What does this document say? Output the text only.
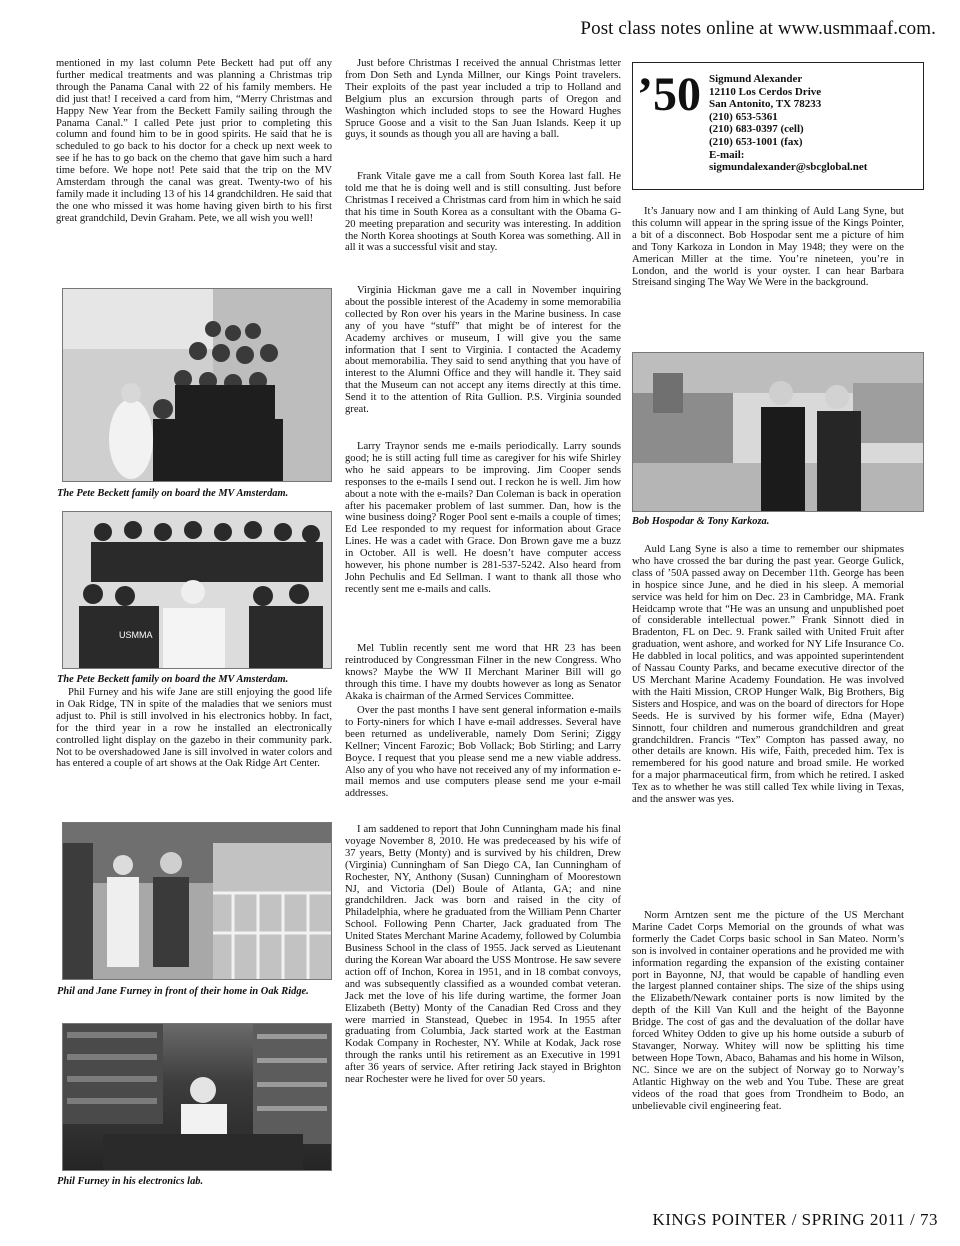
Post class notes online at www.usmmaaf.com.

mentioned in my last column Pete Beckett had put off any further medical treatments and was planning a Christmas trip through the Panama Canal with 22 of his family members. He did just that! I received a card from him, “Merry Christmas and Happy New Year from the Beckett Family sailing through the Panama Canal.” I called Pete just prior to completing this column and found him to be in good spirits. He said that he is scheduled to go back to his doctor for a check up next week to see if he has to go back on the chemo that gave him such a hard time before. We hope not! Pete said that the trip on the MV Amsterdam through the canal was great. Twenty-two of his family made it including 13 of his 14 grandchildren. He said that the one who missed it was home having given birth to his first great grandchild, Devin Graham. Pete, we all wish you well!

Phil Furney and his wife Jane are still enjoying the good life in Oak Ridge, TN in spite of the maladies that we seniors must adjust to. Phil is still involved in his electronics hobby. In fact, for the third year in a row he installed an electronically controlled light display on the gazebo in their community park. Not to be overshadowed Jane is sill involved in water colors and has entered a couple of art shows at the Oak Ridge Art Center.

The Pete Beckett family on board the MV Amsterdam.
USMMA
The Pete Beckett family on board the MV Amsterdam.
Phil and Jane Furney in front of their home in Oak Ridge.
Phil Furney in his electronics lab.

Just before Christmas I received the annual Christmas letter from Don Seth and Lynda Millner, our Kings Point travelers. Their exploits of the past year included a trip to Holland and Belgium plus an excursion through parts of Oregon and Washington which included stops to see the Howard Hughes Spruce Goose and a visit to the San Juan Islands. Keep it up guys, it sounds as though you all are having a ball.

Frank Vitale gave me a call from South Korea last fall. He told me that he is doing well and is still consulting. Just before Christmas I received a Christmas card from him in which he said that his time in South Korea as a consultant with the Obama G-20 meeting preparation and security was interesting. In addition the North Korea shootings at South Korea was something. All in all it was a successful visit and stay.

Virginia Hickman gave me a call in November inquiring about the possible interest of the Academy in some memorabilia collected by Ron over his years in the Marine business. In case any of you have “stuff” that might be of interest for the Academy archives or museum, I will give you the same information that I sent to Virginia. I contacted the Academy about memorabilia. They said to send anything that you have of interest to the Alumni Office and they will handle it. They said that the Museum can not accept any items directly at this time. Send it to the attention of Rita Gullion. P.S. Virginia sounded great.

Larry Traynor sends me e-mails periodically. Larry sounds good; he is still acting full time as caregiver for his wife Shirley who he said appears to be improving. Jim Cooper sends responses to the e-mails I send out. I reckon he is well. Jim how about a note with the e-mails? Dan Coleman is back in operation after his pacemaker problem of last summer. Dan, how is the wine business doing? Roger Pool sent e-mails a couple of times; Ed Lee responded to my request for information about Grace Lines. He was a cadet with Grace. Don Brown gave me a buzz in October. All is well. He doesn’t have computer access however, his phone number is 281-537-5242. Also heard from John Pechulis and Ed Sellman. I want to thank all those who recently sent me e-mails and calls.

Mel Tublin recently sent me word that HR 23 has been reintroduced by Congressman Filner in the new Congress. Who knows? Maybe the WW II Merchant Mariner Bill will go through this time. I have my doubts however as long as Senator Akaka is chairman of the Armed Services Committee.

Over the past months I have sent general information e-mails to Forty-niners for which I have e-mail addresses. Several have been returned as undeliverable, namely Dom Serini; Ziggy Kellner; Vincent Farozic; Bob Vollack; Bob Stirling; and Larry Boyce. I request that you please send me a new viable address. Also any of you who have not received any of my information e-mail memos and use computers please send me your e-mail addresses.

I am saddened to report that John Cunningham made his final voyage November 8, 2010. He was predeceased by his wife of 37 years, Betty (Monty) and is survived by his children, Drew (Virginia) Cunningham of San Diego CA, Ian Cunningham of Rochester, NY, Anthony (Susan) Cunningham of Moorestown NJ, and Victoria (Del) Boule of Atlanta, GA; and nine grandchildren. Jack was born and raised in the city of Philadelphia, where he graduated from the William Penn Charter School. Following Penn Charter, Jack graduated from The United States Merchant Marine Academy, followed by Columbia Business School in the class of 1955. Jack served as Lieutenant during the Korean War aboard the USS Montrose. He saw severe action off of Inchon, Korea in 1951, and in 18 combat convoys, and was subsequently classified as a wounded combat veteran. Jack met the love of his life during wartime, the former Joan Elizabeth (Betty) Monty of the Canadian Red Cross and they were married in Stanstead, Quebec in 1954. In 1955 after graduating from Columbia, Jack started work at the Eastman Kodak Company in Rochester, NY. While at Kodak, Jack rose through the ranks until his retirement as an Executive in 1991 after 36 years of service. After retiring Jack stayed in Brighton near Rochester were he lived for over 50 years.

’50 Sigmund Alexander
12110 Los Cerdos Drive
San Antonito, TX 78233
(210) 653-5361
(210) 683-0397 (cell)
(210) 653-1001 (fax)
E-mail:
sigmundalexander@sbcglobal.net

It’s January now and I am thinking of Auld Lang Syne, but this column will appear in the spring issue of the Kings Pointer, a bit of a disconnect. Bob Hospodar sent me a picture of him and Tony Karkoza in London in May 1948; they were on the American Miller at the time. You’re nineteen, you’re in London, and the world is your oyster. I can hear Barbara Streisand singing The Way We Were in the background.

Auld Lang Syne is also a time to remember our shipmates who have crossed the bar during the past year. George Gulick, class of ’50A passed away on December 11th. George has been in hospice since June, and he died in his sleep. A memorial service was held for him on Dec. 23 in Cambridge, MA. Frank Heidcamp wrote that “He was an unsung and unpublished poet of considerable intellectual power.” Frank Sinnott died in Bradenton, FL on Dec. 9. Frank sailed with United Fruit after graduation, went ashore, and worked for NY Life Insurance Co. He dabbled in local politics, and was appointed superintendent of Nassau County Parks, and became executive director of the US Merchant Marine Academy Foundation. He was involved with the Haiti Mission, CROP Hunger Walk, Big Brothers, Big Sisters and Hospice, and was on the board of directors for Hope Seeds. He is survived by his former wife, Edna (Mayer) Sinnott, four children and numerous grandchildren and great grandchildren. Francis “Tex” Compton has passed away, no other details are known. His wife, Faith, preceded him. Tex is remembered for his good nature and broad smile. He worked for a major pharmaceutical firm, from which he retired. I asked Tex as to whether he was still called Tex while living in Texas, and the answer was yes.

Norm Arntzen sent me the picture of the US Merchant Marine Cadet Corps Memorial on the grounds of what was formerly the Cadet Corps basic school in San Mateo. Norm’s son is involved in container operations and he provided me with information regarding the expansion of the existing container port in Bayonne, NJ, that would be capable of handling even the largest planned container ships. The size of the ships using the Elizabeth/Newark container ports is now limited by the depth of the Kill Van Kull and the height of the Bayonne Bridge. The cost of gas and the devaluation of the dollar have forced Whitey Odden to give up his home outside a suburb of Stavanger, Norway. Whitey will now be splitting his time between Hope Town, Abaco, Bahamas and his home in Wilson, NC. Since we are on the subject of Norway go to Norway’s Atlantic Highway on the web and You Tube. These are great videos of the road that goes from Trondheim to Bodo, an unbelievable civil engineering feat.

Bob Hospodar & Tony Karkoza.
KINGS POINTER / SPRING 2011 / 73
